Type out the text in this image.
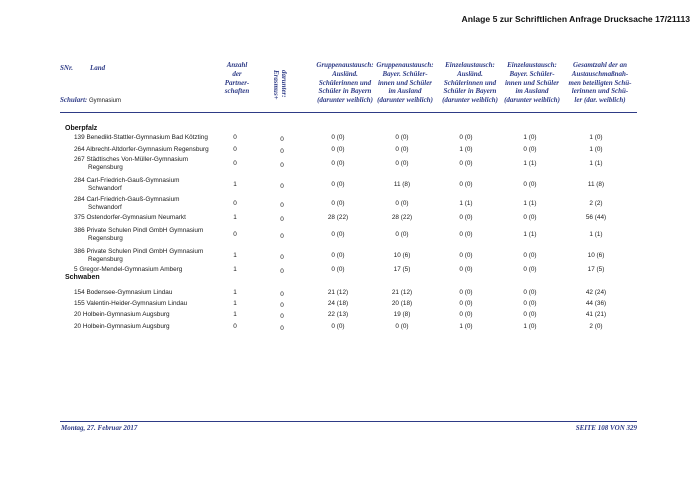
Anlage 5 zur Schriftlichen Anfrage Drucksache 17/21113
SNr. Land
Schulart: Gymnasium
Anzahl
der
Partner-
schaften
Gruppenaustausch:
Ausländ.
Schülerinnen und
Schüler in Bayern
(darunter weiblich)
Gruppenaustausch:
Bayer. Schüler-
innen und Schüler
im Ausland
(darunter weiblich)
Einzelaustausch:
Ausländ.
Schülerinnen und
Schüler in Bayern
(darunter weiblich)
Einzelaustausch:
Bayer. Schüler-
innen und Schüler
im Ausland
(darunter weiblich)
Gesamtzahl der an
Austauschmaßnah-
men beteiligten Schü-
lerinnen und Schü-
ler (dar. weiblich)
darunter:
Erasmus+
Oberpfalz
139 Benedikt-Stattler-Gymnasium Bad Kötzting	0	0	0 (0)	0 (0)	0 (0)	1 (0)	1 (0)
264 Albrecht-Altdorfer-Gymnasium Regensburg	0	0	0 (0)	0 (0)	1 (0)	0 (0)	1 (0)
267 Städtisches Von-Müller-Gymnasium
Regensburg
0	0	0 (0)	0 (0)	0 (0)	1 (1)	1 (1)
284 Carl-Friedrich-Gauß-Gymnasium
Schwandorf
1	0	0 (0)	11 (8)	0 (0)	0 (0)	11 (8)
284 Carl-Friedrich-Gauß-Gymnasium
Schwandorf
0	0	0 (0)	0 (0)	1 (1)	1 (1)	2 (2)
375 Ostendorfer-Gymnasium Neumarkt	1	0	28 (22)	28 (22)	0 (0)	0 (0)	56 (44)
386 Private Schulen Pindl GmbH Gymnasium
Regensburg
0	0	0 (0)	0 (0)	0 (0)	1 (1)	1 (1)
386 Private Schulen Pindl GmbH Gymnasium
Regensburg
1	0	0 (0)	10 (6)	0 (0)	0 (0)	10 (6)
5 Gregor-Mendel-Gymnasium Amberg	1	0	0 (0)	17 (5)	0 (0)	0 (0)	17 (5)
Schwaben
154 Bodensee-Gymnasium Lindau	1	0	21 (12)	21 (12)	0 (0)	0 (0)	42 (24)
155 Valentin-Heider-Gymnasium Lindau	1	0	24 (18)	20 (18)	0 (0)	0 (0)	44 (36)
20 Holbein-Gymnasium Augsburg	1	0	22 (13)	19 (8)	0 (0)	0 (0)	41 (21)
20 Holbein-Gymnasium Augsburg	0	0	0 (0)	0 (0)	1 (0)	1 (0)	2 (0)
Montag, 27. Februar 2017	SEITE 108 VON 329
